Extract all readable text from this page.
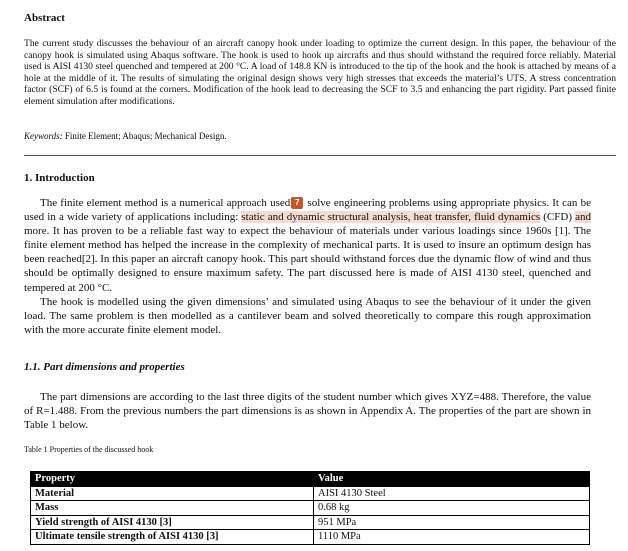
Abstract

The current study discusses the behaviour of an aircraft canopy hook under loading to optimize the current design. In this paper, the behaviour of the canopy hook is simulated using Abaqus software. The hook is used to hook up aircrafts and thus should withstand the required force reliably. Material used is AISI 4130 steel quenched and tempered at 200 °C. A load of 148.8 KN is introduced to the tip of the hook and the hook is attached by means of a hole at the middle of it. The results of simulating the original design shows very high stresses that exceeds the material’s UTS. A stress concentration factor (SCF) of 6.5 is found at the corners. Modification of the hook lead to decreasing the SCF to 3.5 and enhancing the part rigidity. Part passed finite element simulation after modifications.

Keywords: Finite Element; Abaqus; Mechanical Design.

1. Introduction

The finite element method is a numerical approach used 7 solve engineering problems using appropriate physics. It can be used in a wide variety of applications including: static and dynamic structural analysis, heat transfer, fluid dynamics (CFD) and more. It has proven to be a reliable fast way to expect the behaviour of materials under various loadings since 1960s [1]. The finite element method has helped the increase in the complexity of mechanical parts. It is used to insure an optimum design has been reached[2]. In this paper an aircraft canopy hook. This part should withstand forces due the dynamic flow of wind and thus should be optimally designed to ensure maximum safety. The part discussed here is made of AISI 4130 steel, quenched and tempered at 200 °C.

The hook is modelled using the given dimensions’ and simulated using Abaqus to see the behaviour of it under the given load. The same problem is then modelled as a cantilever beam and solved theoretically to compare this rough approximation with the more accurate finite element model.

1.1. Part dimensions and properties

The part dimensions are according to the last three digits of the student number which gives XYZ=488. Therefore, the value of R=1.488. From the previous numbers the part dimensions is as shown in Appendix A. The properties of the part are shown in Table 1 below.

Table 1 Properties of the discussed hook

Property	Value
Material	AISI 4130 Steel
Mass	0.68 kg
Yield strength of AISI 4130 [3]	951 MPa
Ultimate tensile strength of AISI 4130 [3]	1110 MPa
